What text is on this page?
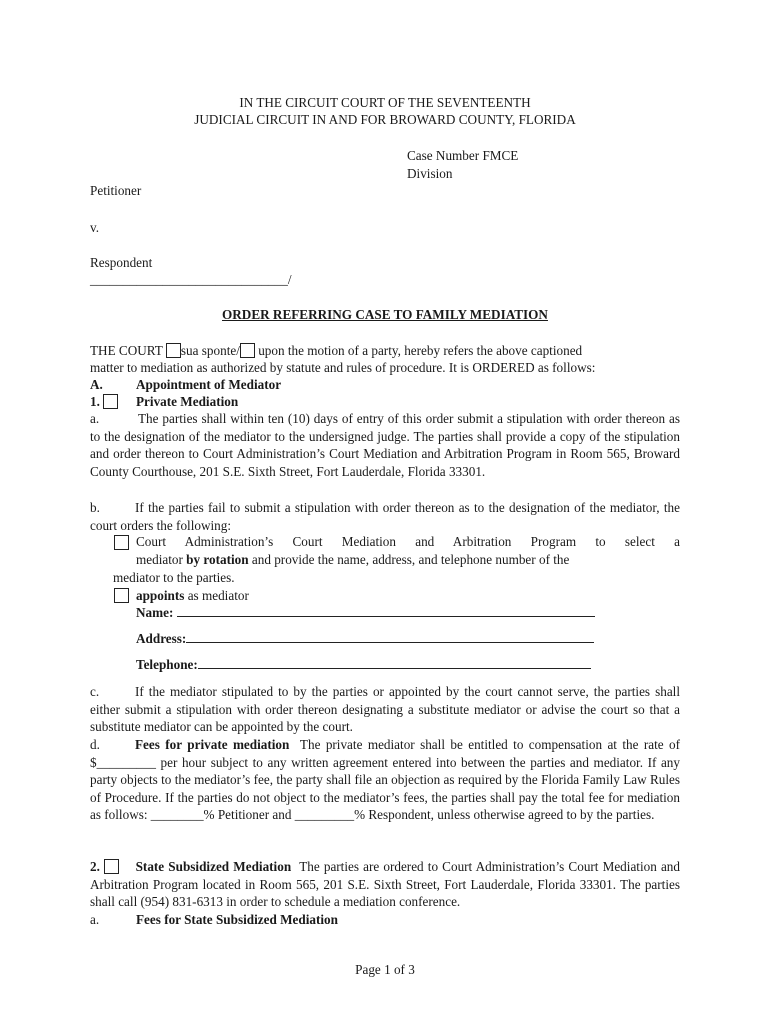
IN THE CIRCUIT COURT OF THE SEVENTEENTH

JUDICIAL CIRCUIT IN AND FOR BROWARD COUNTY, FLORIDA

Case Number FMCE

Division

Petitioner

v.

Respondent

______________________________/

ORDER REFERRING CASE TO FAMILY MEDIATION

THE COURT sua sponte/ upon the motion of a party, hereby refers the above captioned

matter to mediation as authorized by statute and rules of procedure. It is ORDERED as follows:

A.	Appointment of Mediator

1.	Private Mediation

a.	The parties shall within ten (10) days of entry of this order submit a stipulation with order thereon as to the designation of the mediator to the undersigned judge. The parties shall provide a copy of the stipulation and order thereon to Court Administration’s Court Mediation and Arbitration Program in Room 565, Broward County Courthouse, 201 S.E. Sixth Street, Fort Lauderdale, Florida 33301.

b.	If the parties fail to submit a stipulation with order thereon as to the designation of the mediator, the court orders the following:

Court Administration’s Court Mediation and Arbitration Program to select a

mediator by rotation and provide the name, address, and telephone number of the

mediator to the parties.

appoints as mediator

Name:

Address:

Telephone:

c.	If the mediator stipulated to by the parties or appointed by the court cannot serve, the parties shall either submit a stipulation with order thereon designating a substitute mediator or advise the court so that a substitute mediator can be appointed by the court.

d.	Fees for private mediation The private mediator shall be entitled to compensation at the rate of $_________ per hour subject to any written agreement entered into between the parties and mediator. If any party objects to the mediator’s fee, the party shall file an objection as required by the Florida Family Law Rules of Procedure. If the parties do not object to the mediator’s fees, the parties shall pay the total fee for mediation as follows: ________% Petitioner and _________% Respondent, unless otherwise agreed to by the parties.

2.	State Subsidized Mediation The parties are ordered to Court Administration’s Court Mediation and Arbitration Program located in Room 565, 201 S.E. Sixth Street, Fort Lauderdale, Florida 33301. The parties shall call (954) 831-6313 in order to schedule a mediation conference.

a.	Fees for State Subsidized Mediation

Page 1 of 3
